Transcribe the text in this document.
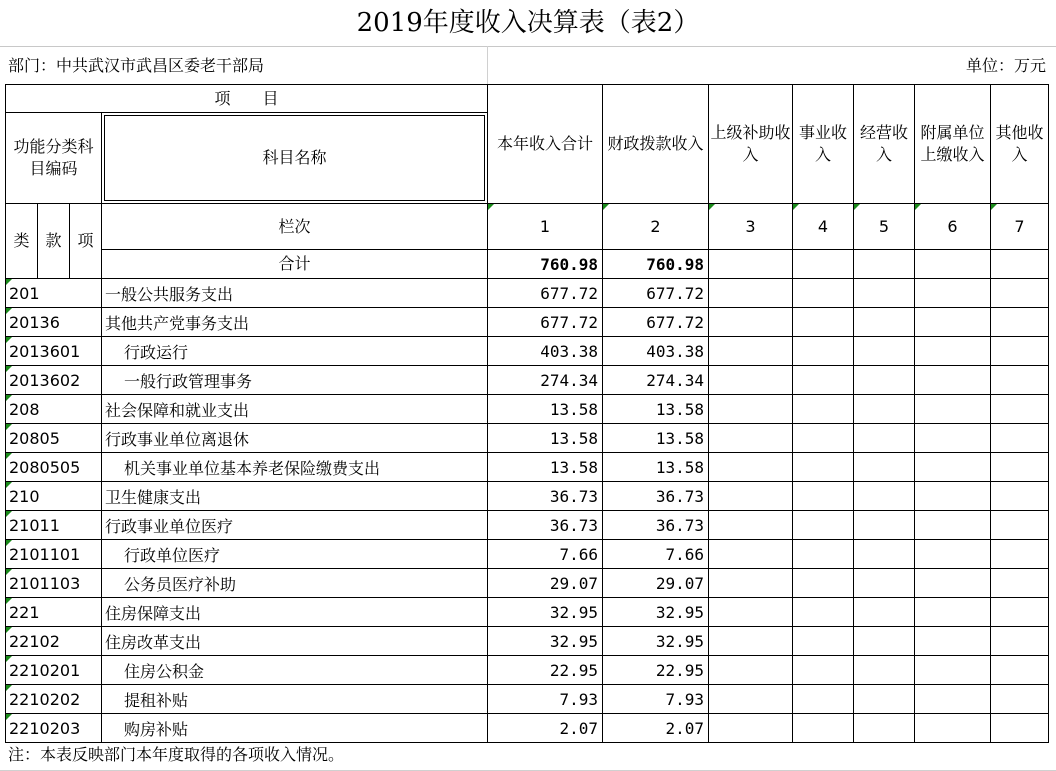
2019年度收入决算表（表2）
部门：中共武汉市武昌区委老干部局	单位：万元
项　　目				本年收入合计	财政拨款收入	上级补助收入	事业收入	经营收入	附属单位上缴收入	其他收入
功能分类科目编码			科目名称							

类	款	项	栏次	1	2	3	4	5	6	7
			合计	760.98	760.98					
201			一般公共服务支出	677.72	677.72					
20136			其他共产党事务支出	677.72	677.72					
2013601			行政运行	403.38	403.38					
2013602			一般行政管理事务	274.34	274.34					
208			社会保障和就业支出	13.58	13.58					
20805			行政事业单位离退休	13.58	13.58					
2080505			机关事业单位基本养老保险缴费支出	13.58	13.58					
210			卫生健康支出	36.73	36.73					
21011			行政事业单位医疗	36.73	36.73					
2101101			行政单位医疗	7.66	7.66					
2101103			公务员医疗补助	29.07	29.07					
221			住房保障支出	32.95	32.95					
22102			住房改革支出	32.95	32.95					
2210201			住房公积金	22.95	22.95					
2210202			提租补贴	7.93	7.93					
2210203			购房补贴	2.07	2.07					
注：本表反映部门本年度取得的各项收入情况。
